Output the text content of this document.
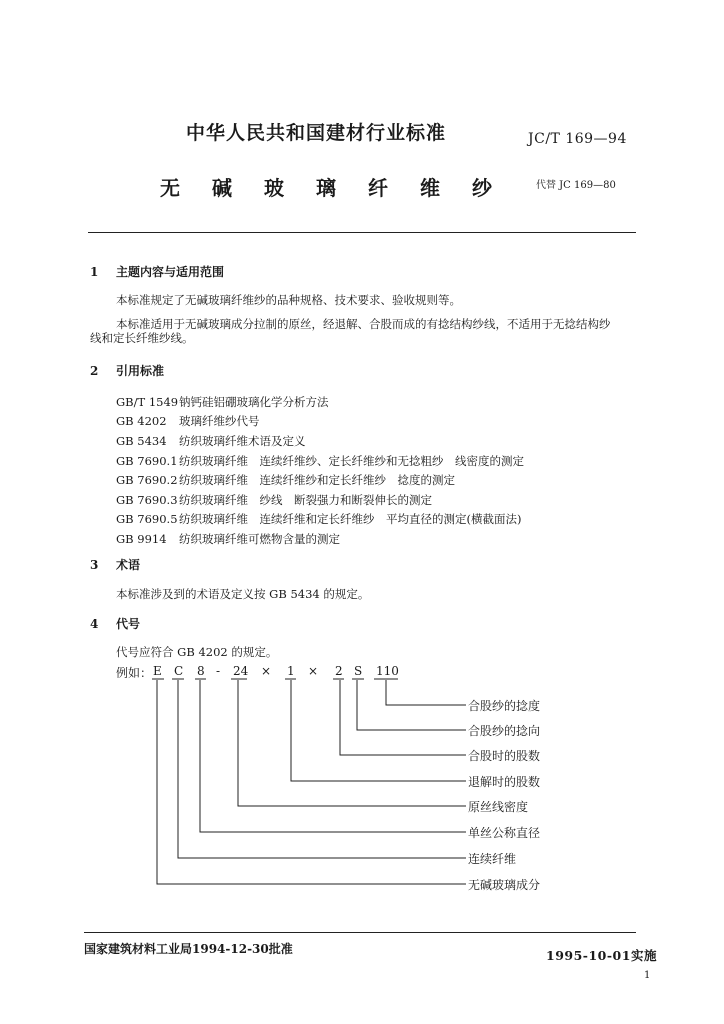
中华人民共和国建材行业标准	JC/T 169—94
无碱玻璃纤维纱 代替 JC 169—80
1 主题内容与适用范围
本标准规定了无碱玻璃纤维纱的品种规格、技术要求、验收规则等。
本标准适用于无碱玻璃成分拉制的原丝，经退解、合股而成的有捻结构纱线，不适用于无捻结构纱
线和定长纤维纱线。
2 引用标准
GB/T 1549钠钙硅铝硼玻璃化学分析方法
GB 4202 玻璃纤维纱代号
GB 5434 纺织玻璃纤维术语及定义
GB 7690.1纺织玻璃纤维　连续纤维纱、定长纤维纱和无捻粗纱　线密度的测定
GB 7690.2纺织玻璃纤维　连续纤维纱和定长纤维纱　捻度的测定
GB 7690.3纺织玻璃纤维　纱线　断裂强力和断裂伸长的测定
GB 7690.5纺织玻璃纤维　连续纤维和定长纤维纱　平均直径的测定(横截面法)
GB 9914 纺织玻璃纤维可燃物含量的测定
3 术语
本标准涉及到的术语及定义按 GB 5434 的规定。
4 代号
代号应符合 GB 4202 的规定。
例如： E C 8 - 24 × 1 × 2 S 110
合股纱的捻度
合股纱的捻向
合股时的股数
退解时的股数
原丝线密度
单丝公称直径
连续纤维
无碱玻璃成分
国家建筑材料工业局1994-12-30批准	1995-10-01实施
1
